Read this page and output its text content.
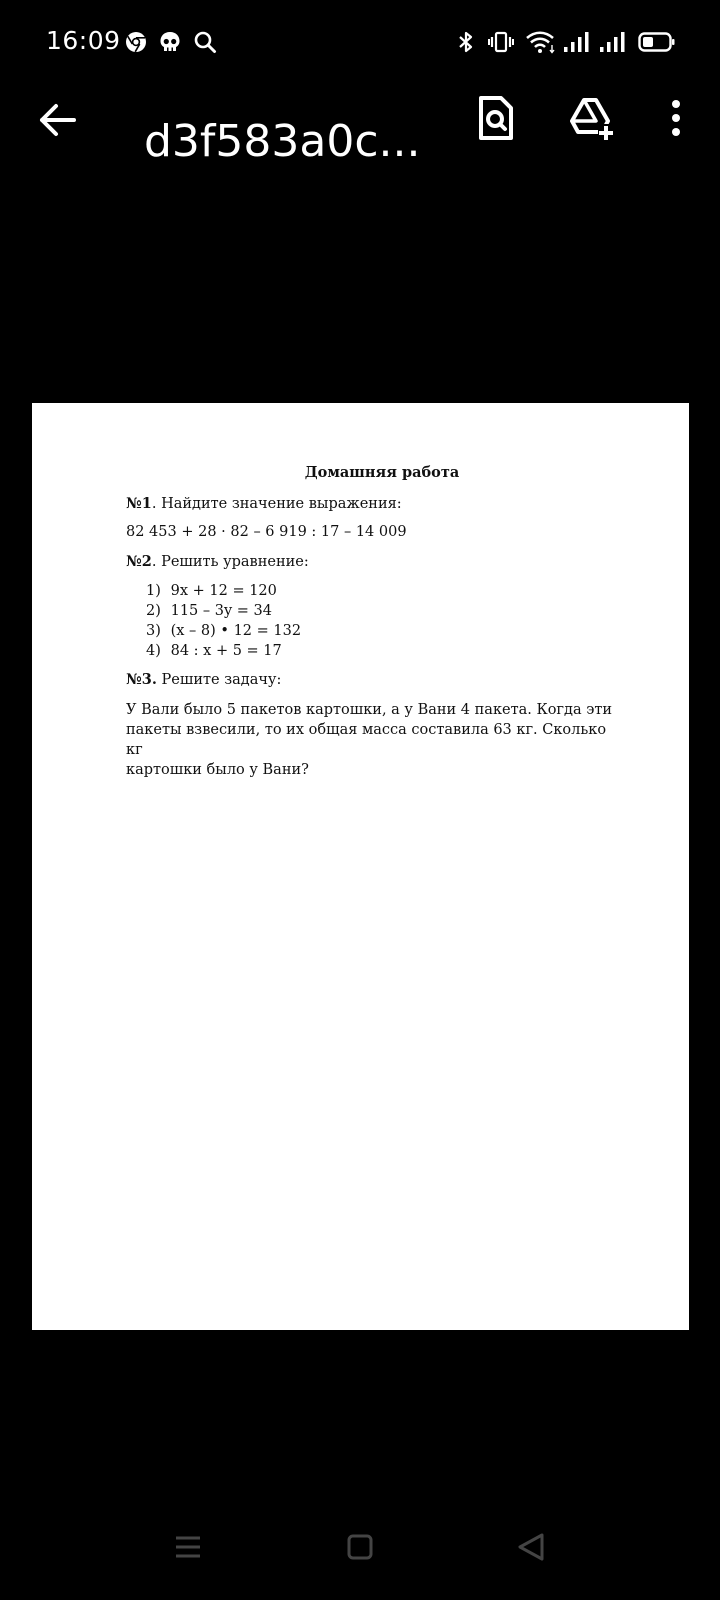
16:09
d3f583a0c...
Домашняя работа
№1. Найдите значение выражения:
82 453 + 28 · 82 – 6 919 : 17 – 14 009
№2. Решить уравнение:
1) 9x + 12 = 120
2) 115 – 3y = 34
3) (x – 8) • 12 = 132
4) 84 : x + 5 = 17
№3. Решите задачу:
У Вали было 5 пакетов картошки, а у Вани 4 пакета. Когда эти
пакеты взвесили, то их общая масса составила 63 кг. Сколько кг
картошки было у Вани?
